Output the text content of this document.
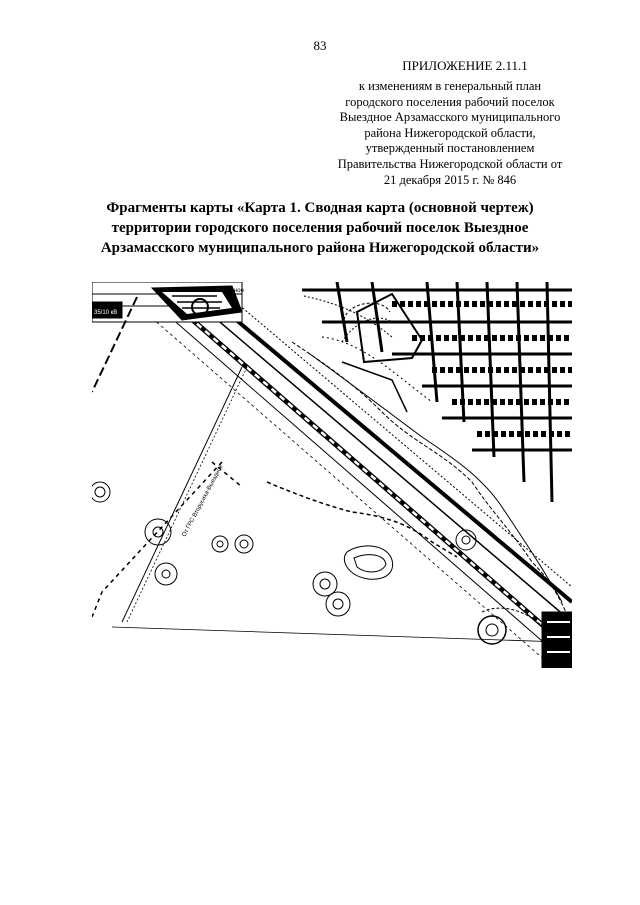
83
ПРИЛОЖЕНИЕ 2.11.1
к изменениям в генеральный план
городского поселения рабочий поселок
Выездное Арзамасского муниципального
района Нижегородской области,
утвержденный постановлением
Правительства Нижегородской области от
21 декабря 2015 г. № 846
Фрагменты карты «Карта 1. Сводная карта (основной чертеж)
территории городского поселения рабочий поселок Выездное
Арзамасского муниципального района Нижегородской области»
ПС Выездное
35/10 кВ
От ГРС Вторусиха-Выездное
